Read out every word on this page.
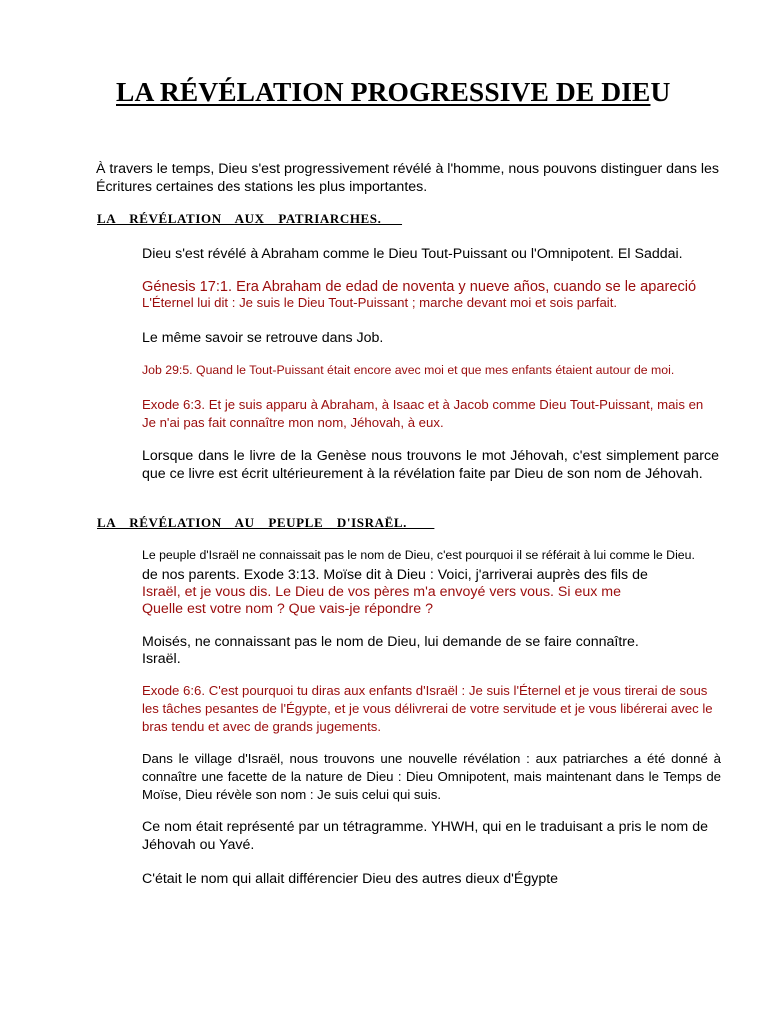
LA RÉVÉLATION PROGRESSIVE DE DIEU
À travers le temps, Dieu s'est progressivement révélé à l'homme, nous pouvons distinguer dans les Écritures certaines des stations les plus importantes.
LA  RÉVÉLATION  AUX  PATRIARCHES.
Dieu s'est révélé à Abraham comme le Dieu Tout-Puissant ou l'Omnipotent. El Saddai.
Génesis 17:1. Era Abraham de edad de noventa y nueve años, cuando se le apareció
L'Éternel lui dit : Je suis le Dieu Tout-Puissant ; marche devant moi et sois parfait.
Le même savoir se retrouve dans Job.
Job 29:5. Quand le Tout-Puissant était encore avec moi et que mes enfants étaient autour de moi.
Exode 6:3. Et je suis apparu à Abraham, à Isaac et à Jacob comme Dieu Tout-Puissant, mais en Je n'ai pas fait connaître mon nom, Jéhovah, à eux.
Lorsque dans le livre de la Genèse nous trouvons le mot Jéhovah, c'est simplement parce que ce livre est écrit ultérieurement à la révélation faite par Dieu de son nom de Jéhovah.
LA  RÉVÉLATION  AU  PEUPLE  D'ISRAËL.
Le peuple d'Israël ne connaissait pas le nom de Dieu, c'est pourquoi il se référait à lui comme le Dieu.
de nos parents. Exode 3:13. Moïse dit à Dieu : Voici, j'arriverai auprès des fils de
Israël, et je vous dis. Le Dieu de vos pères m'a envoyé vers vous. Si eux me
Quelle est votre nom ? Que vais-je répondre ?
Moisés, ne connaissant pas le nom de Dieu, lui demande de se faire connaître.
Israël.
Exode 6:6. C'est pourquoi tu diras aux enfants d'Israël : Je suis l'Éternel et je vous tirerai de sous les tâches pesantes de l'Égypte, et je vous délivrerai de votre servitude et je vous libérerai avec le bras tendu et avec de grands jugements.
Dans le village d'Israël, nous trouvons une nouvelle révélation : aux patriarches a été donné à connaître une facette de la nature de Dieu : Dieu Omnipotent, mais maintenant dans le Temps de Moïse, Dieu révèle son nom : Je suis celui qui suis.
Ce nom était représenté par un tétragramme. YHWH, qui en le traduisant a pris le nom de Jéhovah ou Yavé.
C'était le nom qui allait différencier Dieu des autres dieux d'Égypte
